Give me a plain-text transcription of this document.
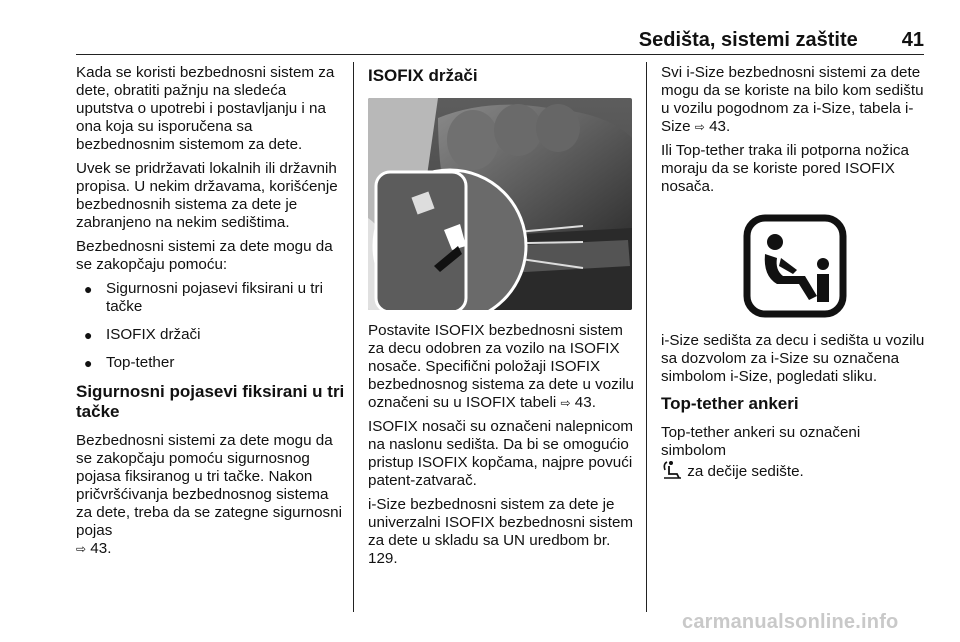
Sedišta, sistemi zaštite 41

Kada se koristi bezbednosni sistem za dete, obratiti pažnju na sledeća uputstva o upotrebi i postavljanju i na ona koja su isporučena sa bezbednosnim sistemom za dete.

Uvek se pridržavati lokalnih ili državnih propisa. U nekim državama, korišćenje bezbednosnih sistema za dete je zabranjeno na nekim sedištima.

Bezbednosni sistemi za dete mogu da se zakopčaju pomoću:

● Sigurnosni pojasevi fiksirani u tri tačke
● ISOFIX držači
● Top-tether
Sigurnosni pojasevi fiksirani u tri tačke

Bezbednosni sistemi za dete mogu da se zakopčaju pomoću sigurnosnog pojasa fiksiranog u tri tačke. Nakon pričvršćivanja bezbednosnog sistema za dete, treba da se zategne sigurnosni pojas
⇨ 43.

ISOFIX držači

Postavite ISOFIX bezbednosni sistem za decu odobren za vozilo na ISOFIX nosače. Specifični položaji ISOFIX bezbednosnog sistema za dete u vozilu označeni su u ISOFIX tabeli ⇨ 43.

ISOFIX nosači su označeni nalepnicom na naslonu sedišta. Da bi se omogućio pristup ISOFIX kopčama, najpre povući patent-zatvarač.

i-Size bezbednosni sistem za dete je univerzalni ISOFIX bezbednosni sistem za dete u skladu sa UN uredbom br. 129.

Svi i-Size bezbednosni sistemi za dete mogu da se koriste na bilo kom sedištu u vozilu pogodnom za i-Size, tabela i-Size ⇨ 43.

Ili Top-tether traka ili potporna nožica moraju da se koriste pored ISOFIX nosača.

i-Size sedišta za decu i sedišta u vozilu sa dozvolom za i-Size su označena simbolom i-Size, pogledati sliku.

Top-tether ankeri

Top-tether ankeri su označeni simbolom
za dečije sedište.

carmanualsonline.info
